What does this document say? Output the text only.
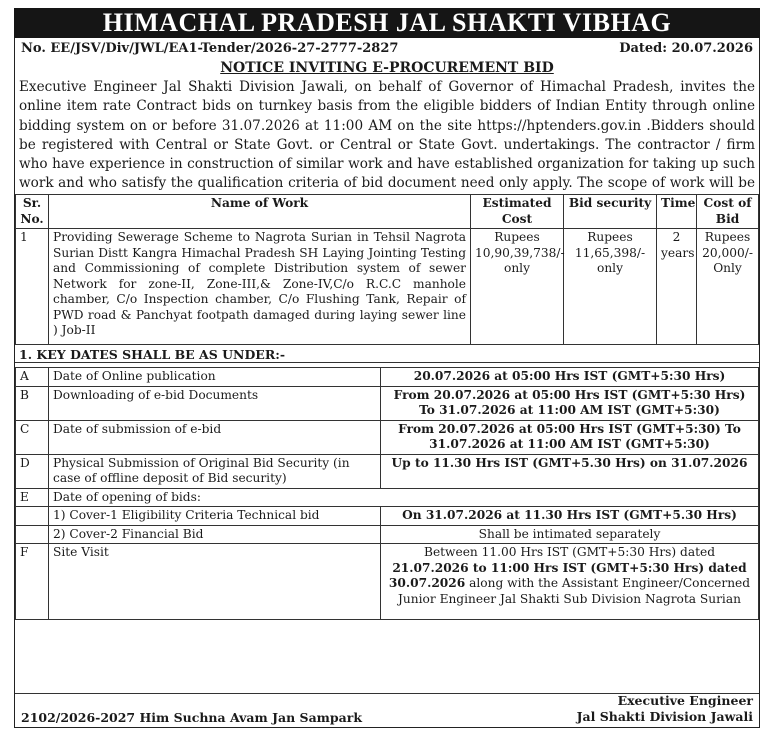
HIMACHAL PRADESH JAL SHAKTI VIBHAG
No. EE/JSV/Div/JWL/EA1-Tender/2026-27-2777-2827	Dated: 20.07.2026
NOTICE INVITING E-PROCUREMENT BID

Executive Engineer Jal Shakti Division Jawali, on behalf of Governor of Himachal Pradesh, invites the online item rate Contract bids on turnkey basis from the eligible bidders of Indian Entity through online bidding system on or before 31.07.2026 at 11:00 AM on the site https://hptenders.gov.in .Bidders should be registered with Central or State Govt. or Central or State Govt. undertakings. The contractor / firm who have experience in construction of similar work and have established organization for taking up such work and who satisfy the qualification criteria of bid document need only apply. The scope of work will be

Sr. No.	Name of Work	Estimated Cost	Bid security	Time	Cost of Bid
1	Providing Sewerage Scheme to Nagrota Surian in Tehsil Nagrota Surian Distt Kangra Himachal Pradesh SH Laying Jointing Testing and Commissioning of complete Distribution system of sewer Network for zone-II, Zone-III,& Zone-IV,C/o R.C.C manhole chamber, C/o Inspection chamber, C/o Flushing Tank, Repair of PWD road & Panchyat footpath damaged during laying sewer line ) Job-II	Rupees 10,90,39,738/- only	Rupees 11,65,398/- only	2 years	Rupees 20,000/- Only
1. KEY DATES SHALL BE AS UNDER:-
A	Date of Online publication	20.07.2026 at 05:00 Hrs IST (GMT+5:30 Hrs)
B	Downloading of e-bid Documents	From 20.07.2026 at 05:00 Hrs IST (GMT+5:30 Hrs) To 31.07.2026 at 11:00 AM IST (GMT+5:30)
C	Date of submission of e-bid	From 20.07.2026 at 05:00 Hrs IST (GMT+5:30) To 31.07.2026 at 11:00 AM IST (GMT+5:30)
D	Physical Submission of Original Bid Security (in case of offline deposit of Bid security)	Up to 11.30 Hrs IST (GMT+5.30 Hrs) on 31.07.2026
E	Date of opening of bids:	
	1) Cover-1 Eligibility Criteria Technical bid	On 31.07.2026 at 11.30 Hrs IST (GMT+5.30 Hrs)
	2) Cover-2 Financial Bid	Shall be intimated separately
F	Site Visit	Between 11.00 Hrs IST (GMT+5:30 Hrs) dated 21.07.2026 to 11:00 Hrs IST (GMT+5:30 Hrs) dated 30.07.2026 along with the Assistant Engineer/Concerned Junior Engineer Jal Shakti Sub Division Nagrota Surian
2102/2026-2027 Him Suchna Avam Jan Sampark
Executive Engineer
Jal Shakti Division Jawali
